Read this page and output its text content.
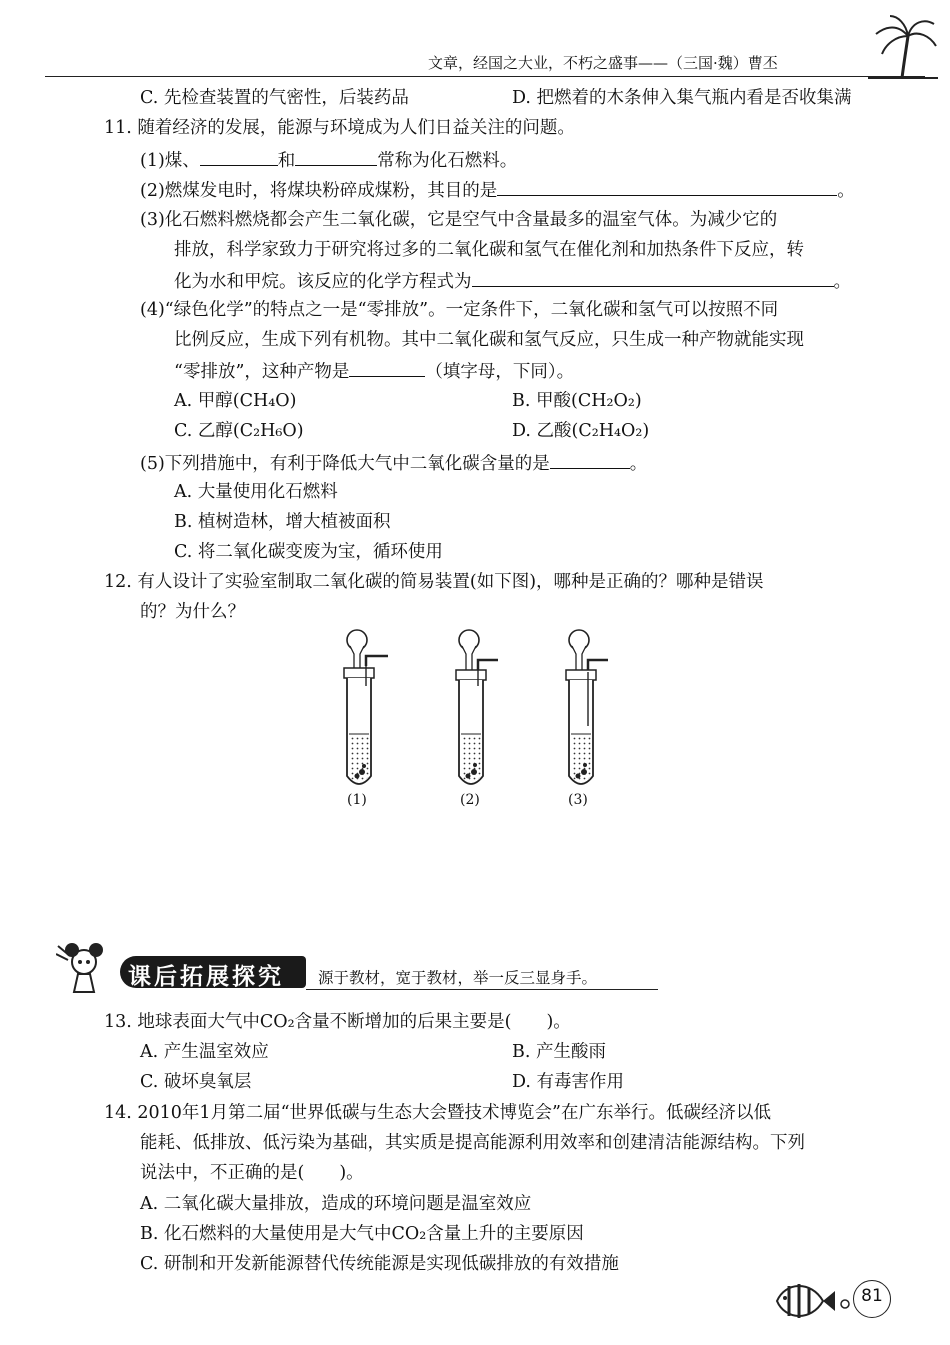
文章，经国之大业，不朽之盛事——（三国·魏）曹丕
C. 先检查装置的气密性，后装药品	D. 把燃着的木条伸入集气瓶内看是否收集满
11. 随着经济的发展，能源与环境成为人们日益关注的问题。
(1)煤、	和	常称为化石燃料。
(2)燃煤发电时，将煤块粉碎成煤粉，其目的是	。
(3)化石燃料燃烧都会产生二氧化碳，它是空气中含量最多的温室气体。为减少它的
排放，科学家致力于研究将过多的二氧化碳和氢气在催化剂和加热条件下反应，转
化为水和甲烷。该反应的化学方程式为	。
(4)“绿色化学”的特点之一是“零排放”。一定条件下，二氧化碳和氢气可以按照不同
比例反应，生成下列有机物。其中二氧化碳和氢气反应，只生成一种产物就能实现
“零排放”，这种产物是	（填字母，下同）。
A. 甲醇(CH₄O)	B. 甲酸(CH₂O₂)
C. 乙醇(C₂H₆O)	D. 乙酸(C₂H₄O₂)
(5)下列措施中，有利于降低大气中二氧化碳含量的是	。
A. 大量使用化石燃料
B. 植树造林，增大植被面积
C. 将二氧化碳变废为宝，循环使用
12. 有人设计了实验室制取二氧化碳的简易装置(如下图)，哪种是正确的？哪种是错误
的？为什么？
(1)	(2)	(3)
课后拓展探究 源于教材，宽于教材，举一反三显身手。
13. 地球表面大气中CO₂含量不断增加的后果主要是(　　)。
A. 产生温室效应	B. 产生酸雨
C. 破坏臭氧层	D. 有毒害作用
14. 2010年1月第二届“世界低碳与生态大会暨技术博览会”在广东举行。低碳经济以低
能耗、低排放、低污染为基础，其实质是提高能源利用效率和创建清洁能源结构。下列
说法中，不正确的是(　　)。
A. 二氧化碳大量排放，造成的环境问题是温室效应
B. 化石燃料的大量使用是大气中CO₂含量上升的主要原因
C. 研制和开发新能源替代传统能源是实现低碳排放的有效措施
81
